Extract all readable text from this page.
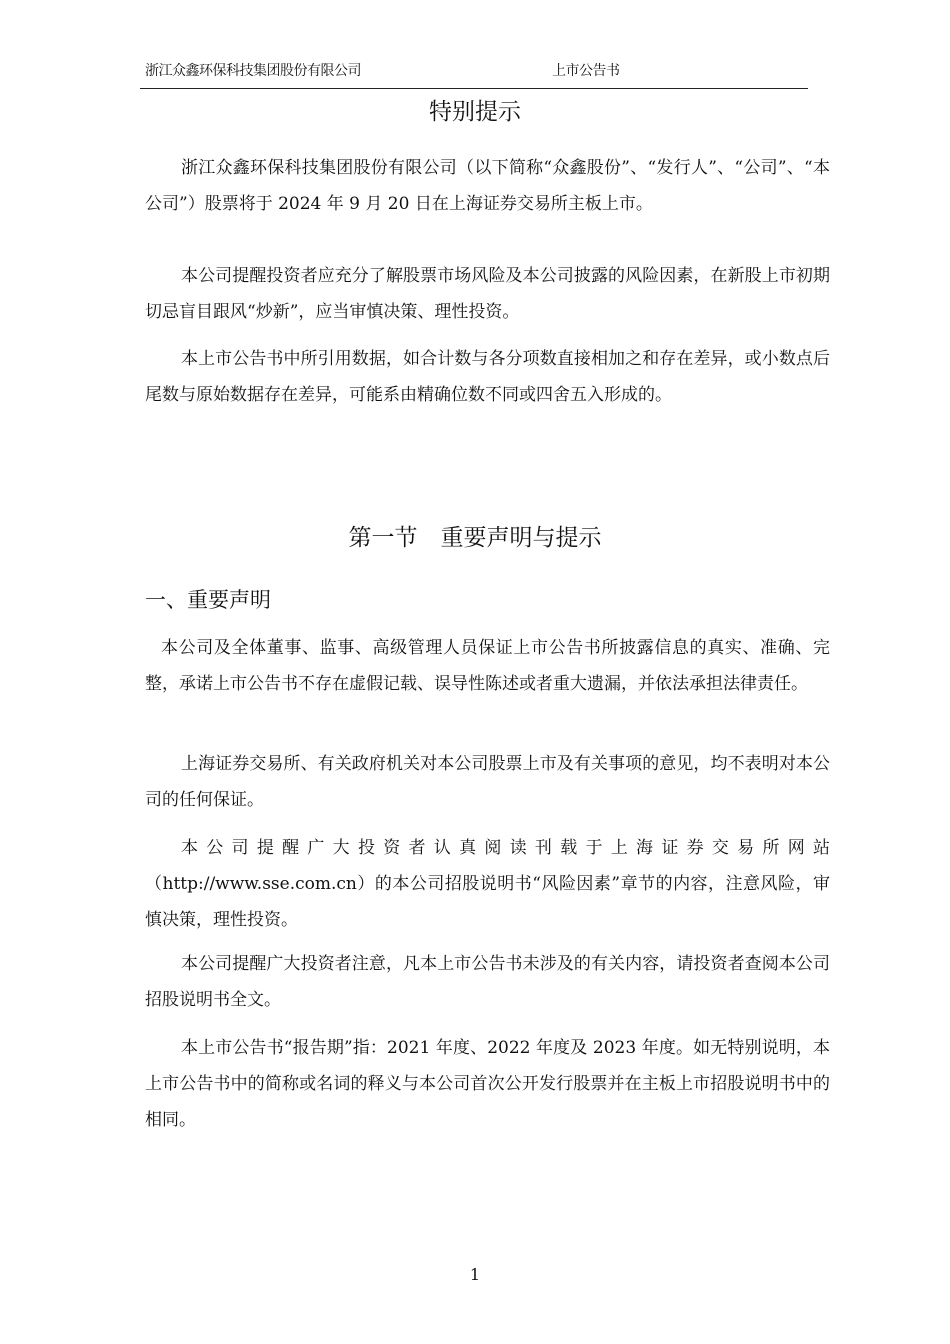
浙江众鑫环保科技集团股份有限公司	上市公告书
特别提示
浙江众鑫环保科技集团股份有限公司（以下简称“众鑫股份”、“发行人”、“公司”、“本公司”）股票将于 2024 年 9 月 20 日在上海证券交易所主板上市。
本公司提醒投资者应充分了解股票市场风险及本公司披露的风险因素，在新股上市初期切忌盲目跟风“炒新”，应当审慎决策、理性投资。
本上市公告书中所引用数据，如合计数与各分项数直接相加之和存在差异，或小数点后尾数与原始数据存在差异，可能系由精确位数不同或四舍五入形成的。
第一节　重要声明与提示
一、重要声明
本公司及全体董事、监事、高级管理人员保证上市公告书所披露信息的真实、准确、完整，承诺上市公告书不存在虚假记载、误导性陈述或者重大遗漏，并依法承担法律责任。
上海证券交易所、有关政府机关对本公司股票上市及有关事项的意见，均不表明对本公司的任何保证。
本公司提醒广大投资者认真阅读刊载于上海证券交易所网站（http://www.sse.com.cn）的本公司招股说明书“风险因素”章节的内容，注意风险，审慎决策，理性投资。
本公司提醒广大投资者注意，凡本上市公告书未涉及的有关内容，请投资者查阅本公司招股说明书全文。
本上市公告书“报告期”指：2021 年度、2022 年度及 2023 年度。如无特别说明，本上市公告书中的简称或名词的释义与本公司首次公开发行股票并在主板上市招股说明书中的相同。
1
